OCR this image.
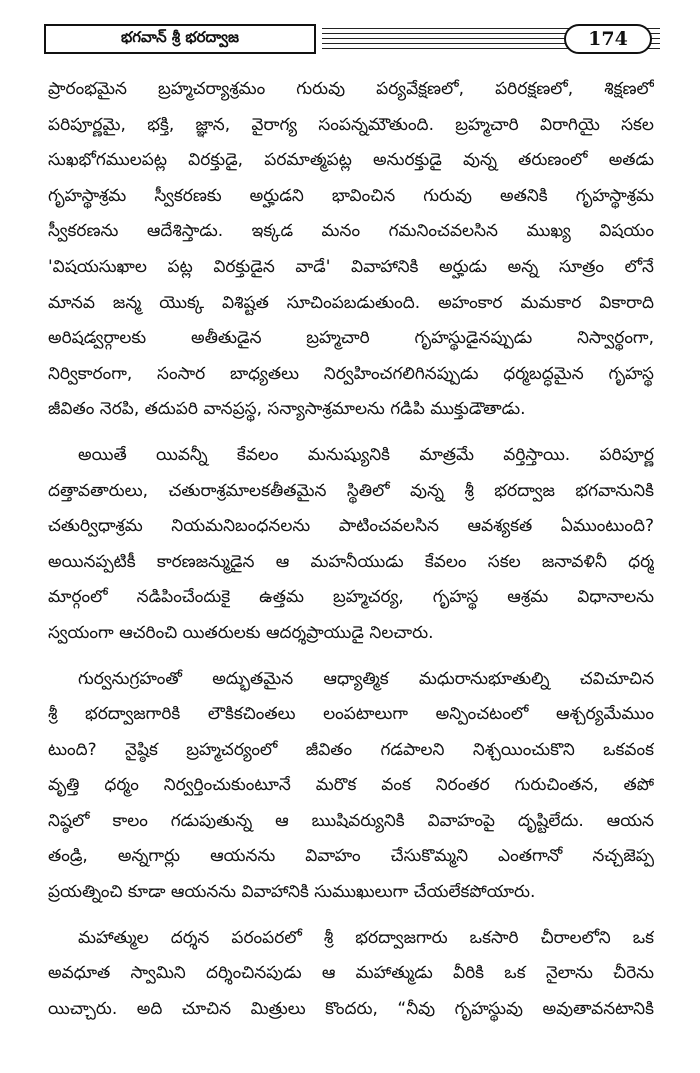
భగవాన్ శ్రీ భరద్వాజ	174
ప్రారంభమైన బ్రహ్మచర్యాశ్రమం గురువు పర్యవేక్షణలో, పరిరక్షణలో, శిక్షణలో
పరిపూర్ణమై, భక్తి, జ్ఞాన, వైరాగ్య సంపన్నమౌతుంది. బ్రహ్మచారి విరాగియై సకల
సుఖభోగములపట్ల విరక్తుడై, పరమాత్మపట్ల అనురక్తుడై వున్న తరుణంలో అతడు
గృహస్థాశ్రమ స్వీకరణకు అర్హుడని భావించిన గురువు అతనికి గృహస్థాశ్రమ
స్వీకరణను ఆదేశిస్తాడు. ఇక్కడ మనం గమనించవలసిన ముఖ్య విషయం
'విషయసుఖాల పట్ల విరక్తుడైన వాడే' వివాహానికి అర్హుడు అన్న సూత్రం లోనే
మానవ జన్మ యొక్క విశిష్టత సూచింపబడుతుంది. అహంకార మమకార వికారాది
అరిషడ్వర్గాలకు అతీతుడైన బ్రహ్మచారి గృహస్థుడైనప్పుడు నిస్వార్థంగా,
నిర్వికారంగా, సంసార బాధ్యతలు నిర్వహించగలిగినప్పుడు ధర్మబద్ధమైన గృహస్థ
జీవితం నెరపి, తదుపరి వానప్రస్థ, సన్యాసాశ్రమాలను గడిపి ముక్తుడౌతాడు.
అయితే యివన్నీ కేవలం మనుష్యునికి మాత్రమే వర్తిస్తాయి. పరిపూర్ణ
దత్తావతారులు, చతురాశ్రమాలకతీతమైన స్థితిలో వున్న శ్రీ భరద్వాజ భగవానునికి
చతుర్విధాశ్రమ నియమనిబంధనలను పాటించవలసిన ఆవశ్యకత ఏముంటుంది?
అయినప్పటికీ కారణజన్ముడైన ఆ మహనీయుడు కేవలం సకల జనావళినీ ధర్మ
మార్గంలో నడిపించేందుకై ఉత్తమ బ్రహ్మచర్య, గృహస్థ ఆశ్రమ విధానాలను
స్వయంగా ఆచరించి యితరులకు ఆదర్శప్రాయుడై నిలచారు.
గుర్వనుగ్రహంతో అద్భుతమైన ఆధ్యాత్మిక మధురానుభూతుల్ని చవిచూచిన
శ్రీ భరద్వాజగారికి లౌకికచింతలు లంపటాలుగా అన్పించటంలో ఆశ్చర్యమేముం
టుంది? నైష్ఠిక బ్రహ్మచర్యంలో జీవితం గడపాలని నిశ్చయించుకొని ఒకవంక
వృత్తి ధర్మం నిర్వర్తించుకుంటూనే మరొక వంక నిరంతర గురుచింతన, తపో
నిష్ఠలో కాలం గడుపుతున్న ఆ ఋషివర్యునికి వివాహంపై దృష్టిలేదు. ఆయన
తండ్రి, అన్నగార్లు ఆయనను వివాహం చేసుకొమ్మని ఎంతగానో నచ్చజెప్ప
ప్రయత్నించి కూడా ఆయనను వివాహానికి సుముఖులుగా చేయలేకపోయారు.
మహాత్ముల దర్శన పరంపరలో శ్రీ భరద్వాజగారు ఒకసారి చీరాలలోని ఒక
అవధూత స్వామిని దర్శించినపుడు ఆ మహాత్ముడు వీరికి ఒక నైలాను చీరెను
యిచ్చారు. అది చూచిన మిత్రులు కొందరు, “నీవు గృహస్థువు అవుతావనటానికి
